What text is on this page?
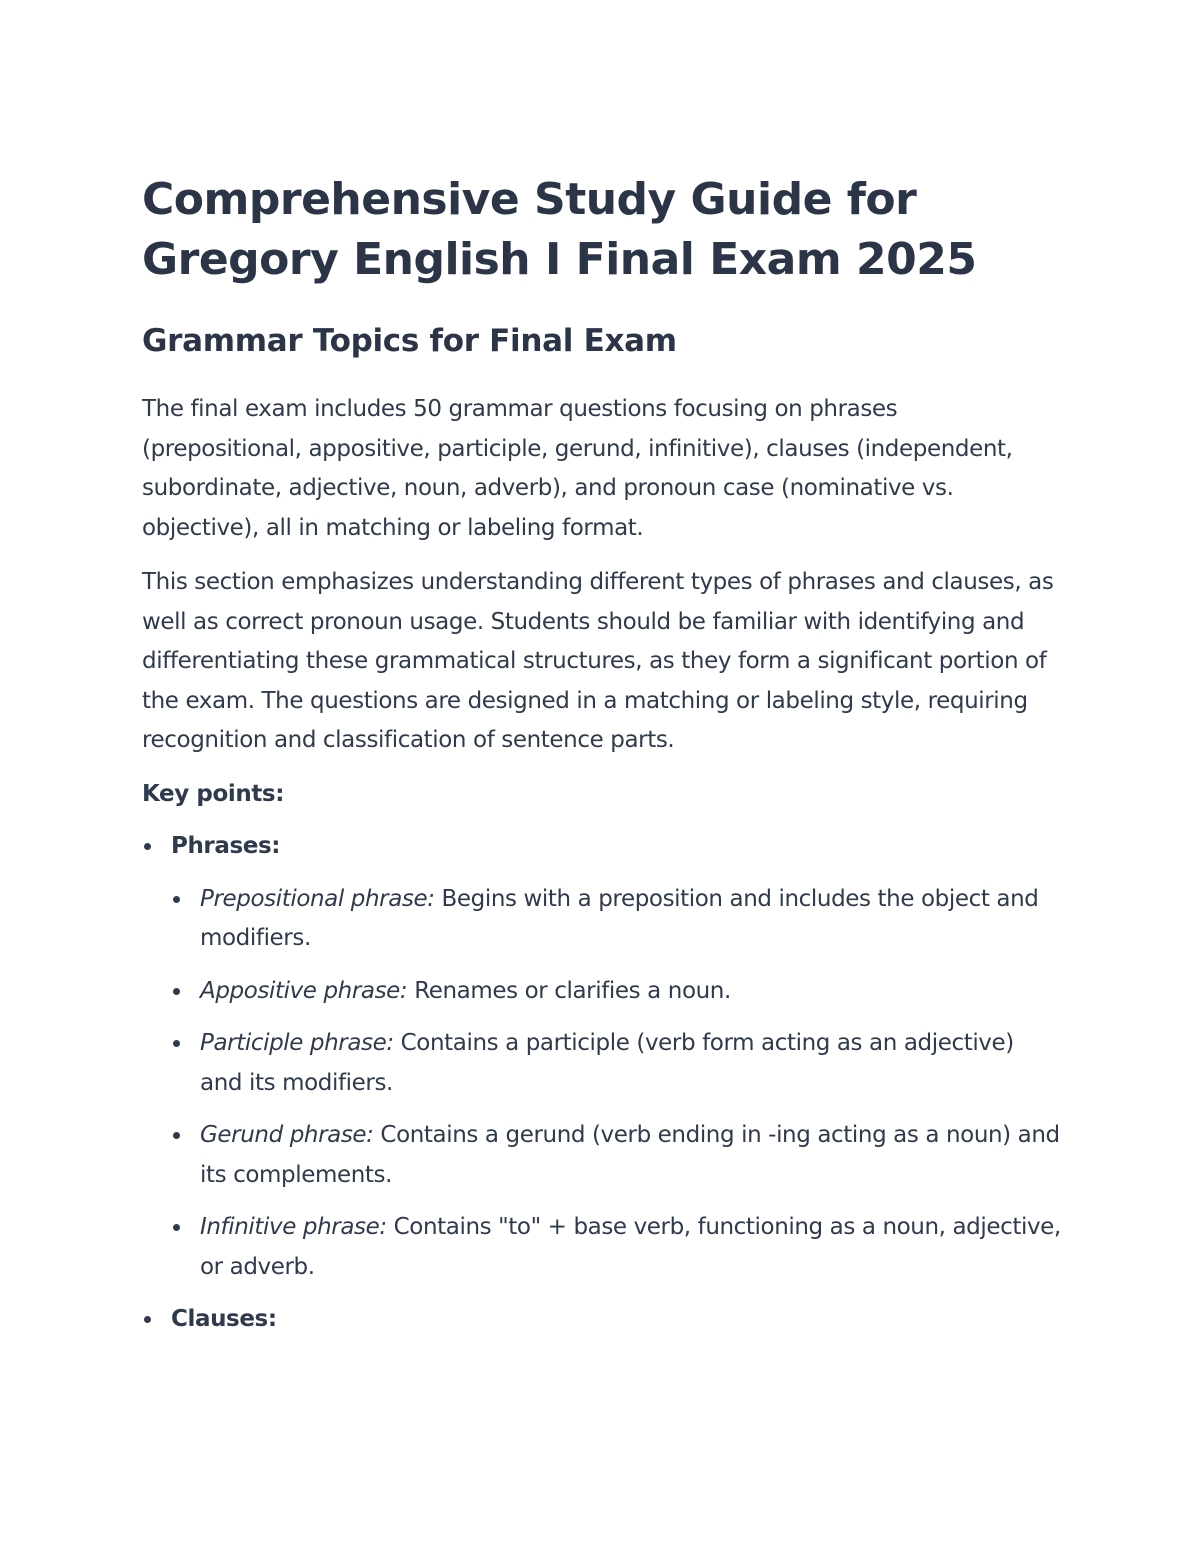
Comprehensive Study Guide for Gregory English I Final Exam 2025
Grammar Topics for Final Exam

The final exam includes 50 grammar questions focusing on phrases (prepositional, appositive, participle, gerund, infinitive), clauses (independent, subordinate, adjective, noun, adverb), and pronoun case (nominative vs. objective), all in matching or labeling format.

This section emphasizes understanding different types of phrases and clauses, as well as correct pronoun usage. Students should be familiar with identifying and differentiating these grammatical structures, as they form a significant portion of the exam. The questions are designed in a matching or labeling style, requiring recognition and classification of sentence parts.

Key points:

Phrases:
Prepositional phrase: Begins with a preposition and includes the object and modifiers.
Appositive phrase: Renames or clarifies a noun.
Participle phrase: Contains a participle (verb form acting as an adjective) and its modifiers.
Gerund phrase: Contains a gerund (verb ending in -ing acting as a noun) and its complements.
Infinitive phrase: Contains "to" + base verb, functioning as a noun, adjective, or adverb.
Clauses:
